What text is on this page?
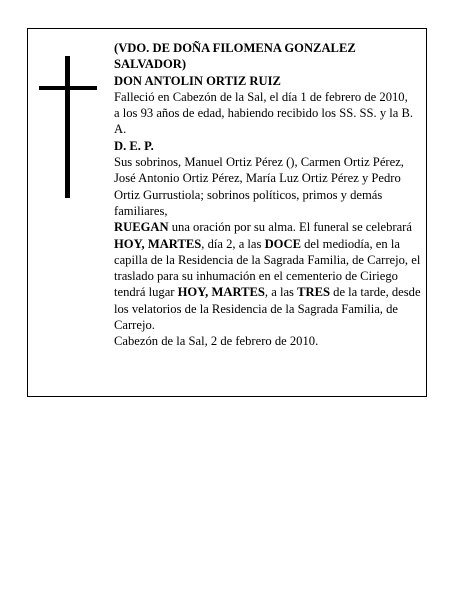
(VDO. DE DOÑA FILOMENA GONZALEZ SALVADOR)

DON ANTOLIN ORTIZ RUIZ

Falleció en Cabezón de la Sal, el día 1 de febrero de 2010,

a los 93 años de edad, habiendo recibido los SS. SS. y la B. A.

D. E. P.

Sus sobrinos, Manuel Ortiz Pérez (), Carmen Ortiz Pérez, José Antonio Ortiz Pérez, María Luz Ortiz Pérez y Pedro Ortiz Gurrustiola; sobrinos políticos, primos y demás familiares,

RUEGAN una oración por su alma. El funeral se celebrará HOY, MARTES, día 2, a las DOCE del mediodía, en la capilla de la Residencia de la Sagrada Familia, de Carrejo, el traslado para su inhumación en el cementerio de Ciriego tendrá lugar HOY, MARTES, a las TRES de la tarde, desde los velatorios de la Residencia de la Sagrada Familia, de Carrejo.

Cabezón de la Sal, 2 de febrero de 2010.
